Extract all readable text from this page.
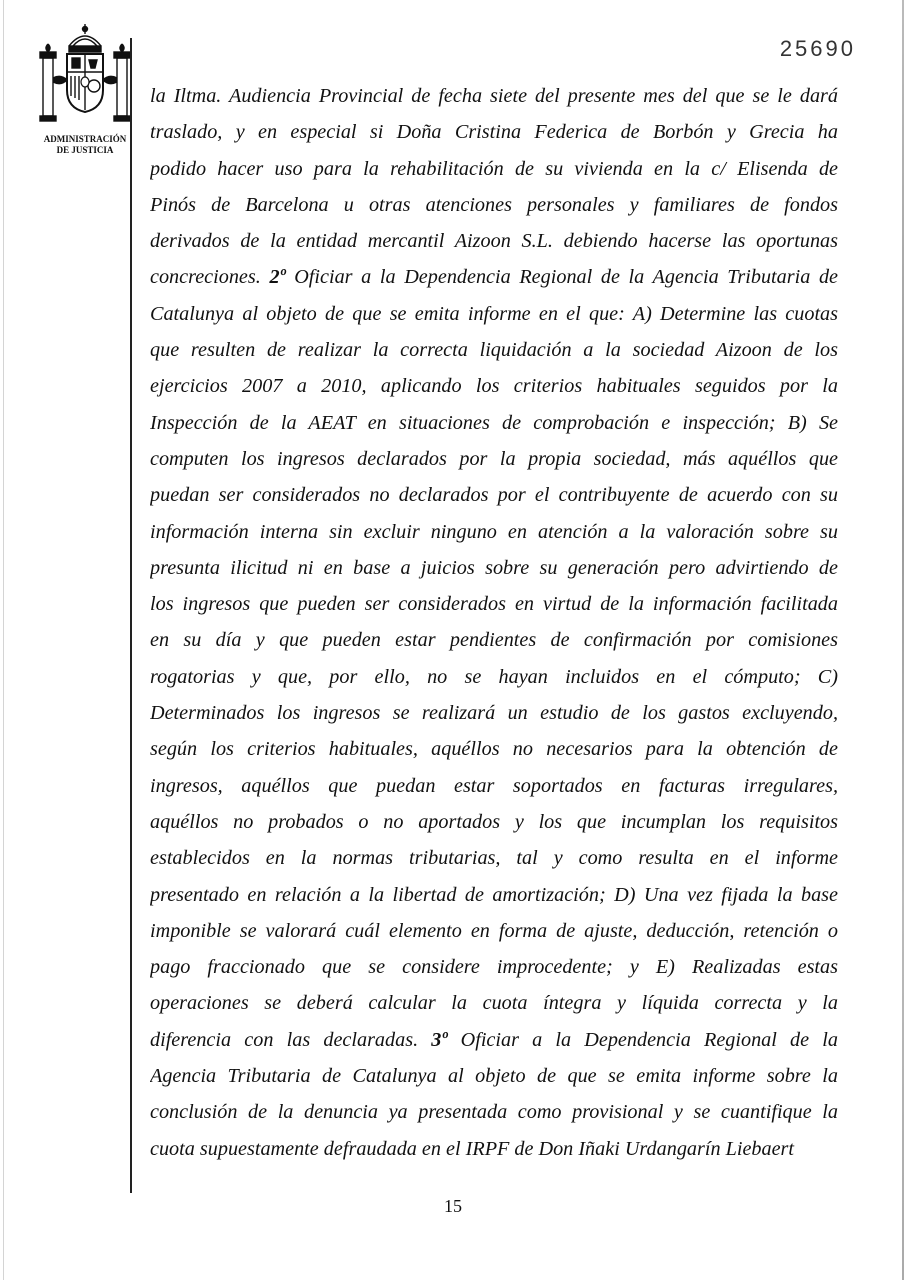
ADMINISTRACIÓN
DE JUSTICIA
25690
la Iltma. Audiencia Provincial de fecha siete del presente mes del que se le dará
traslado, y en especial si Doña Cristina Federica de Borbón y Grecia ha
podido hacer uso para la rehabilitación de su vivienda en la c/ Elisenda de
Pinós de Barcelona u otras atenciones personales y familiares de fondos
derivados de la entidad mercantil Aizoon S.L. debiendo hacerse las oportunas
concreciones. 2º Oficiar a la Dependencia Regional de la Agencia Tributaria de
Catalunya al objeto de que se emita informe en el que: A) Determine las cuotas
que resulten de realizar la correcta liquidación a la sociedad Aizoon de los
ejercicios 2007 a 2010, aplicando los criterios habituales seguidos por la
Inspección de la AEAT en situaciones de comprobación e inspección; B) Se
computen los ingresos declarados por la propia sociedad, más aquéllos que
puedan ser considerados no declarados por el contribuyente de acuerdo con su
información interna sin excluir ninguno en atención a la valoración sobre su
presunta ilicitud ni en base a juicios sobre su generación pero advirtiendo de
los ingresos que pueden ser considerados en virtud de la información facilitada
en su día y que pueden estar pendientes de confirmación por comisiones
rogatorias y que, por ello, no se hayan incluidos en el cómputo; C)
Determinados los ingresos se realizará un estudio de los gastos excluyendo,
según los criterios habituales, aquéllos no necesarios para la obtención de
ingresos, aquéllos que puedan estar soportados en facturas irregulares,
aquéllos no probados o no aportados y los que incumplan los requisitos
establecidos en la normas tributarias, tal y como resulta en el informe
presentado en relación a la libertad de amortización; D) Una vez fijada la base
imponible se valorará cuál elemento en forma de ajuste, deducción, retención o
pago fraccionado que se considere improcedente; y E) Realizadas estas
operaciones se deberá calcular la cuota íntegra y líquida correcta y la
diferencia con las declaradas. 3º Oficiar a la Dependencia Regional de la
Agencia Tributaria de Catalunya al objeto de que se emita informe sobre la
conclusión de la denuncia ya presentada como provisional y se cuantifique la
cuota supuestamente defraudada en el IRPF de Don Iñaki Urdangarín Liebaert
15
